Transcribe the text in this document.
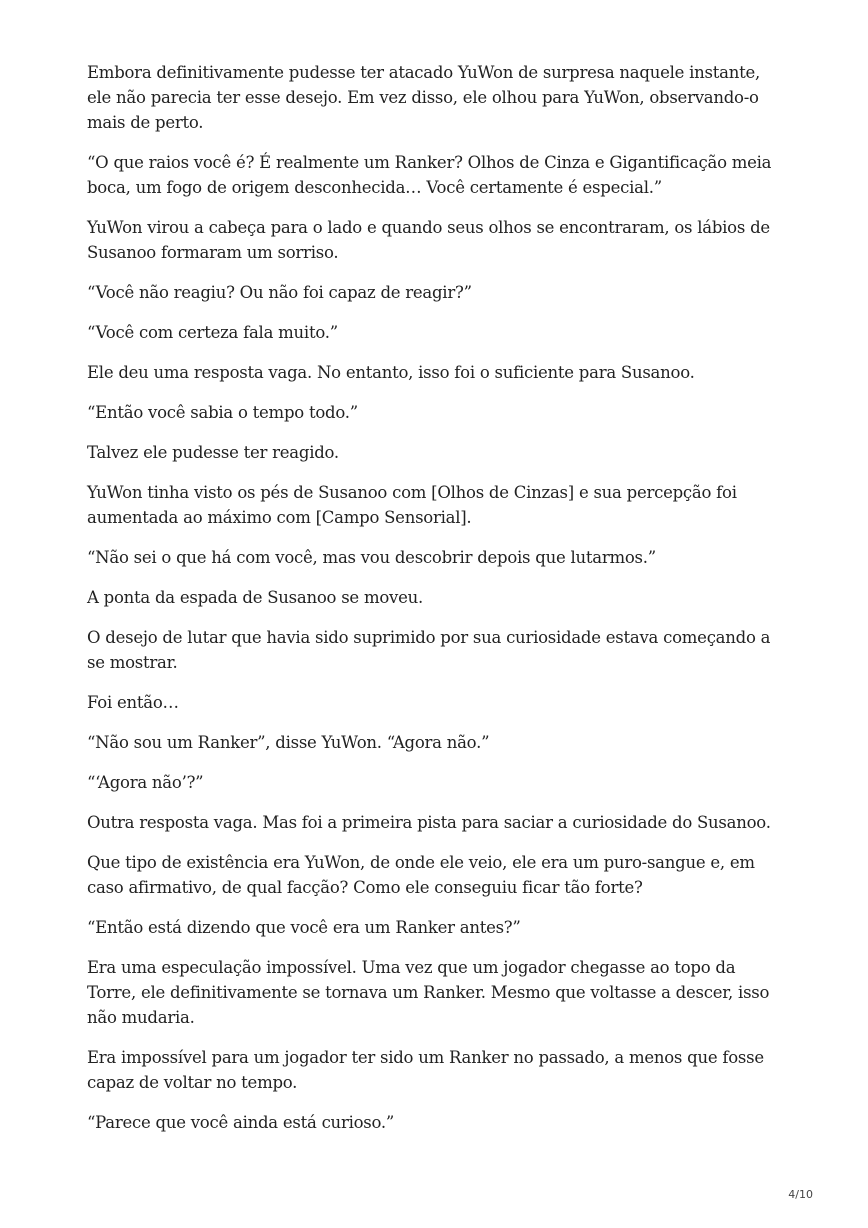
Embora definitivamente pudesse ter atacado YuWon de surpresa naquele instante, ele não parecia ter esse desejo. Em vez disso, ele olhou para YuWon, observando-o mais de perto.

“O que raios você é? É realmente um Ranker? Olhos de Cinza e Gigantificação meia boca, um fogo de origem desconhecida… Você certamente é especial.”

YuWon virou a cabeça para o lado e quando seus olhos se encontraram, os lábios de Susanoo formaram um sorriso.

“Você não reagiu? Ou não foi capaz de reagir?”

“Você com certeza fala muito.”

Ele deu uma resposta vaga. No entanto, isso foi o suficiente para Susanoo.

“Então você sabia o tempo todo.”

Talvez ele pudesse ter reagido.

YuWon tinha visto os pés de Susanoo com [Olhos de Cinzas] e sua percepção foi aumentada ao máximo com [Campo Sensorial].

“Não sei o que há com você, mas vou descobrir depois que lutarmos.”

A ponta da espada de Susanoo se moveu.

O desejo de lutar que havia sido suprimido por sua curiosidade estava começando a se mostrar.

Foi então…

“Não sou um Ranker”, disse YuWon. “Agora não.”

“‘Agora não’?”

Outra resposta vaga. Mas foi a primeira pista para saciar a curiosidade do Susanoo.

Que tipo de existência era YuWon, de onde ele veio, ele era um puro-sangue e, em caso afirmativo, de qual facção? Como ele conseguiu ficar tão forte?

“Então está dizendo que você era um Ranker antes?”

Era uma especulação impossível. Uma vez que um jogador chegasse ao topo da Torre, ele definitivamente se tornava um Ranker. Mesmo que voltasse a descer, isso não mudaria.

Era impossível para um jogador ter sido um Ranker no passado, a menos que fosse capaz de voltar no tempo.

“Parece que você ainda está curioso.”

4/10
